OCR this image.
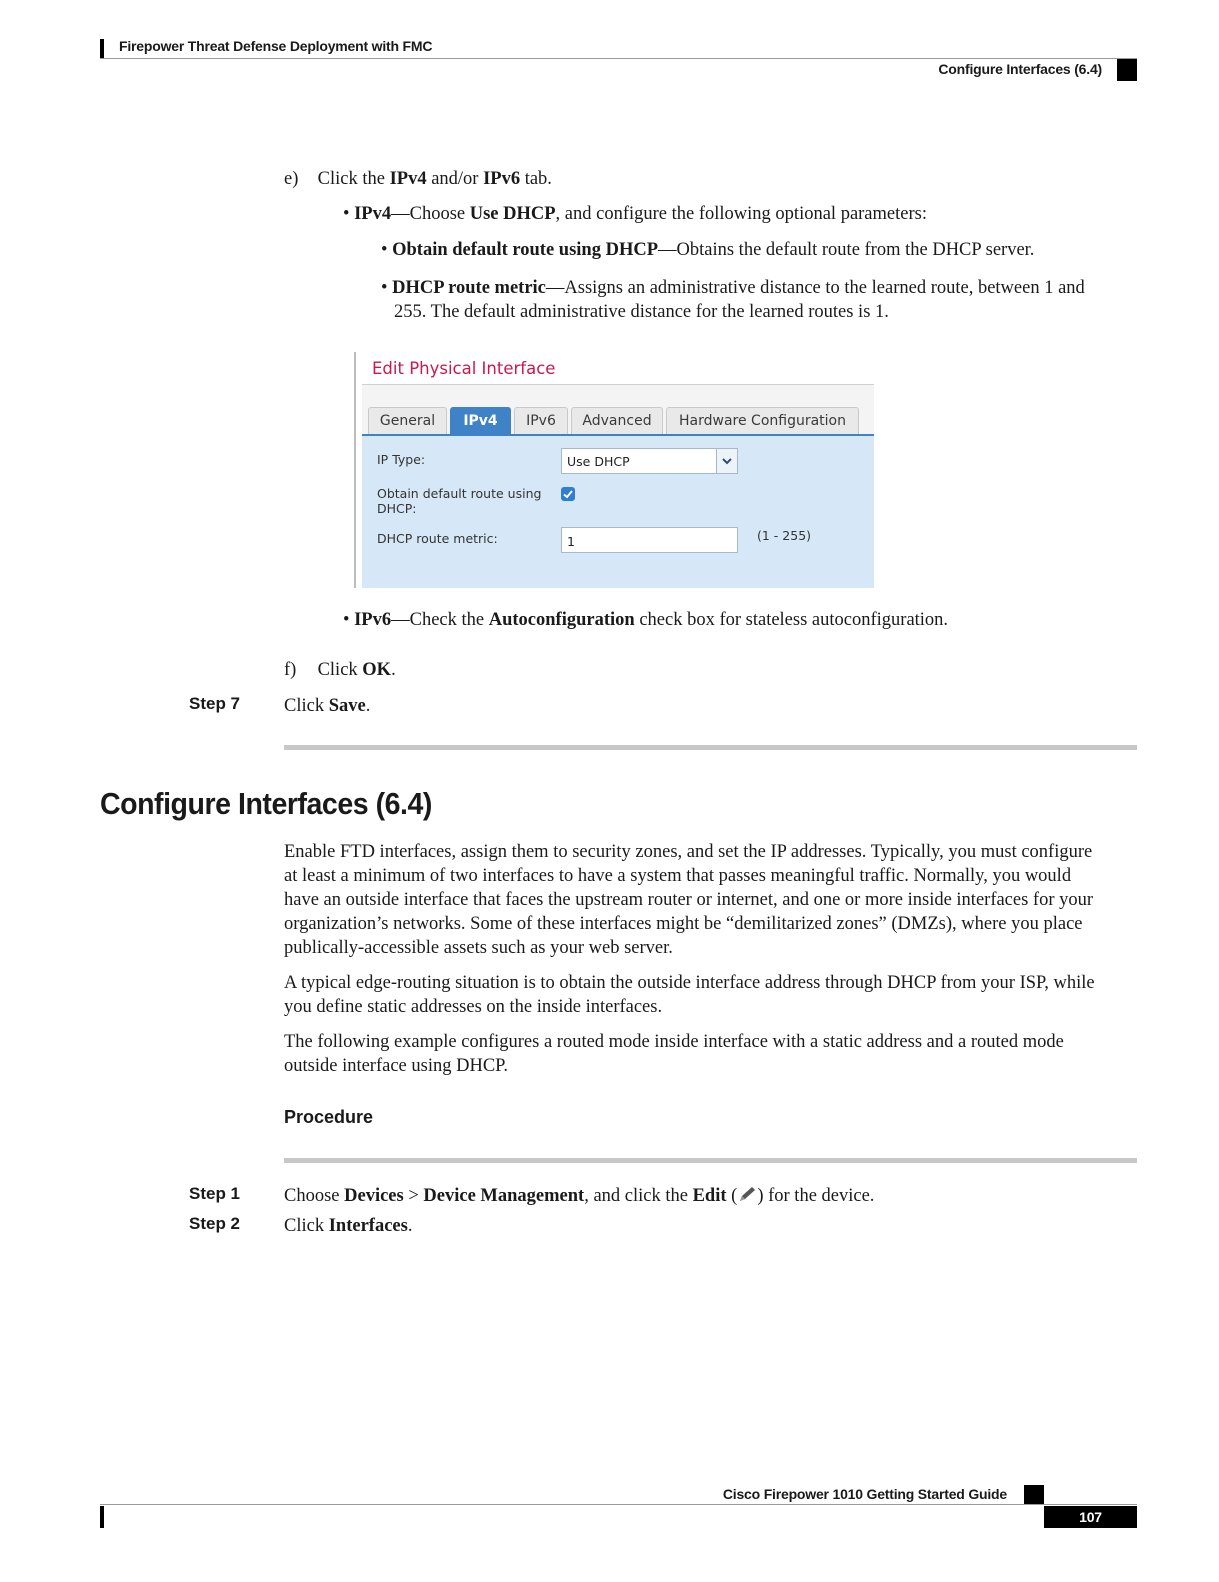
Firepower Threat Defense Deployment with FMC
Configure Interfaces (6.4)
e) Click the IPv4 and/or IPv6 tab.
• IPv4—Choose Use DHCP, and configure the following optional parameters:
• Obtain default route using DHCP—Obtains the default route from the DHCP server.
• DHCP route metric—Assigns an administrative distance to the learned route, between 1 and
255. The default administrative distance for the learned routes is 1.
Edit Physical Interface
General	IPv4	IPv6	Advanced	Hardware Configuration
IP Type:	Use DHCP
Obtain default route using
DHCP:
DHCP route metric:	1	(1 - 255)
• IPv6—Check the Autoconfiguration check box for stateless autoconfiguration.
f) Click OK.
Step 7 Click Save.
Configure Interfaces (6.4)
Enable FTD interfaces, assign them to security zones, and set the IP addresses. Typically, you must configure
at least a minimum of two interfaces to have a system that passes meaningful traffic. Normally, you would
have an outside interface that faces the upstream router or internet, and one or more inside interfaces for your
organization’s networks. Some of these interfaces might be “demilitarized zones” (DMZs), where you place
publically-accessible assets such as your web server.
A typical edge-routing situation is to obtain the outside interface address through DHCP from your ISP, while
you define static addresses on the inside interfaces.
The following example configures a routed mode inside interface with a static address and a routed mode
outside interface using DHCP.
Procedure
Step 1 Choose Devices > Device Management, and click the Edit ( ) for the device.
Step 2 Click Interfaces.
Cisco Firepower 1010 Getting Started Guide
107
